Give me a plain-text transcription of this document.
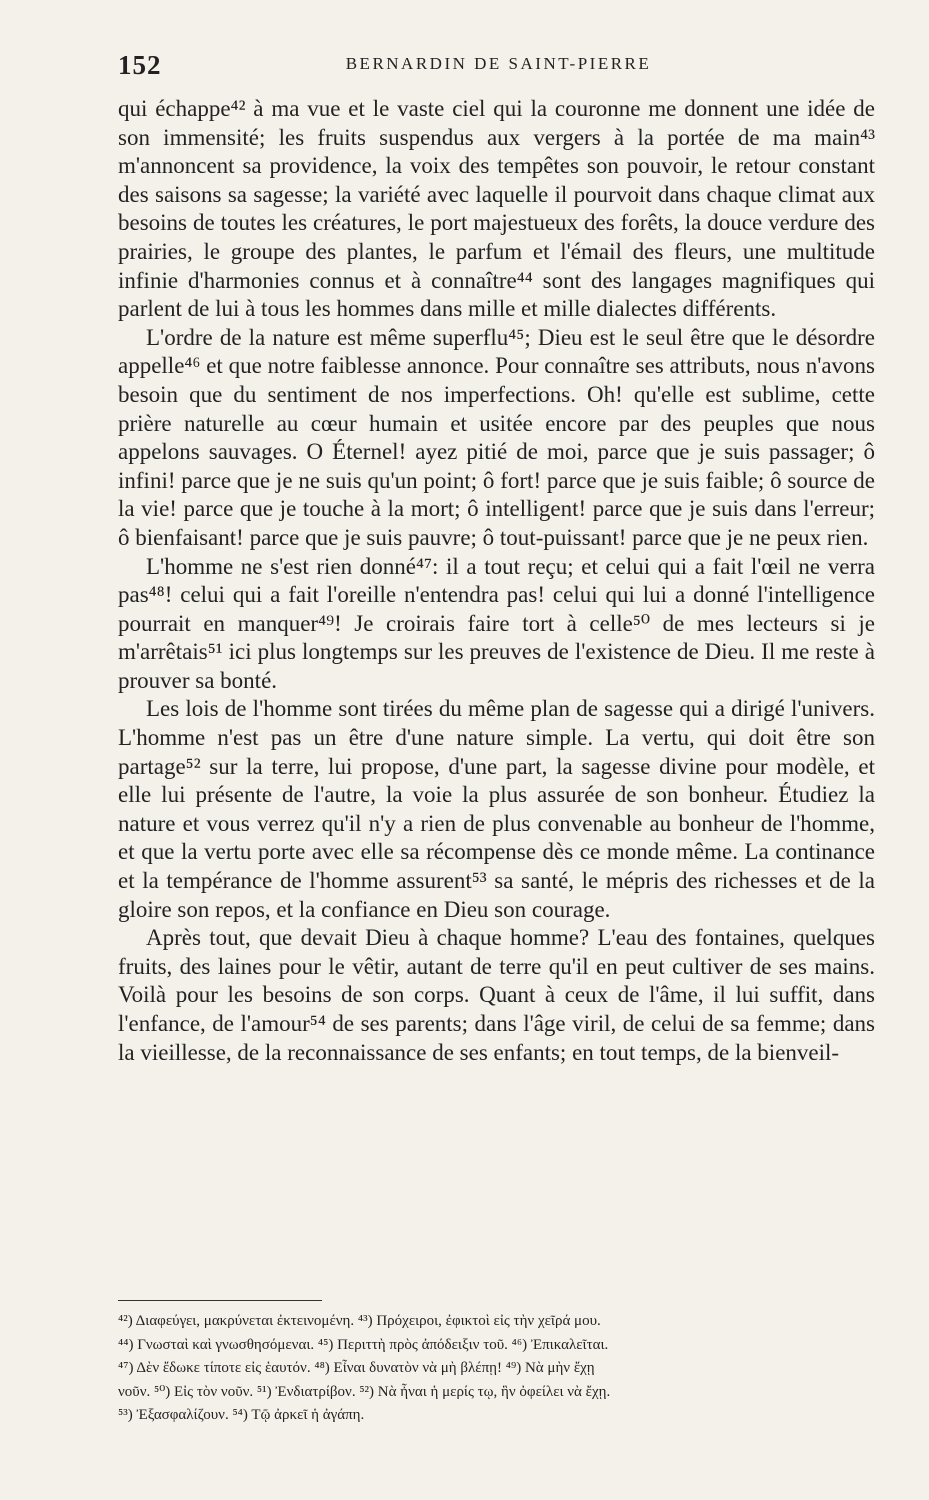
152	BERNARDIN DE SAINT-PIERRE

qui échappe⁴² à ma vue et le vaste ciel qui la couronne me donnent une idée de son immensité; les fruits suspendus aux vergers à la portée de ma main⁴³ m'annoncent sa providence, la voix des tempêtes son pouvoir, le retour constant des saisons sa sagesse; la variété avec laquelle il pourvoit dans chaque climat aux besoins de toutes les créatures, le port majestueux des forêts, la douce verdure des prairies, le groupe des plantes, le parfum et l'émail des fleurs, une multitude infinie d'harmonies connus et à connaître⁴⁴ sont des langages magnifiques qui parlent de lui à tous les hommes dans mille et mille dialectes différents.

L'ordre de la nature est même superflu⁴⁵; Dieu est le seul être que le désordre appelle⁴⁶ et que notre faiblesse annonce. Pour connaître ses attributs, nous n'avons besoin que du sentiment de nos imperfections. Oh! qu'elle est sublime, cette prière naturelle au cœur humain et usitée encore par des peuples que nous appelons sauvages. O Éternel! ayez pitié de moi, parce que je suis passager; ô infini! parce que je ne suis qu'un point; ô fort! parce que je suis faible; ô source de la vie! parce que je touche à la mort; ô intelligent! parce que je suis dans l'erreur; ô bienfaisant! parce que je suis pauvre; ô tout-puissant! parce que je ne peux rien.

L'homme ne s'est rien donné⁴⁷: il a tout reçu; et celui qui a fait l'œil ne verra pas⁴⁸! celui qui a fait l'oreille n'entendra pas! celui qui lui a donné l'intelligence pourrait en manquer⁴⁹! Je croirais faire tort à celle⁵⁰ de mes lecteurs si je m'arrêtais⁵¹ ici plus longtemps sur les preuves de l'existence de Dieu. Il me reste à prouver sa bonté.

Les lois de l'homme sont tirées du même plan de sagesse qui a dirigé l'univers. L'homme n'est pas un être d'une nature simple. La vertu, qui doit être son partage⁵² sur la terre, lui propose, d'une part, la sagesse divine pour modèle, et elle lui présente de l'autre, la voie la plus assurée de son bonheur. Étudiez la nature et vous verrez qu'il n'y a rien de plus convenable au bonheur de l'homme, et que la vertu porte avec elle sa récompense dès ce monde même. La continance et la tempérance de l'homme assurent⁵³ sa santé, le mépris des richesses et de la gloire son repos, et la confiance en Dieu son courage.

Après tout, que devait Dieu à chaque homme? L'eau des fontaines, quelques fruits, des laines pour le vêtir, autant de terre qu'il en peut cultiver de ses mains. Voilà pour les besoins de son corps. Quant à ceux de l'âme, il lui suffit, dans l'enfance, de l'amour⁵⁴ de ses parents; dans l'âge viril, de celui de sa femme; dans la vieillesse, de la reconnaissance de ses enfants; en tout temps, de la bienveil-

⁴²) Διαφεύγει, μακρύνεται ἐκτεινομένη. ⁴³) Πρόχειροι, ἐφικτοὶ εἰς τὴν χεῖρά μου.

⁴⁴) Γνωσταὶ καὶ γνωσθησόμεναι. ⁴⁵) Περιττὴ πρὸς ἀπόδειξιν τοῦ. ⁴⁶) Ἐπικαλεῖται.

⁴⁷) Δὲν ἔδωκε τίποτε εἰς ἑαυτόν. ⁴⁸) Εἶναι δυνατὸν νὰ μὴ βλέπῃ! ⁴⁹) Νὰ μὴν ἔχῃ

νοῦν. ⁵⁰) Εἰς τὸν νοῦν. ⁵¹) Ἐνδιατρίβον. ⁵²) Νὰ ἦναι ἡ μερίς τῳ, ἣν ὀφείλει νὰ ἔχῃ.

⁵³) Ἐξασφαλίζουν. ⁵⁴) Τῷ ἀρκεῖ ἡ ἀγάπη.
